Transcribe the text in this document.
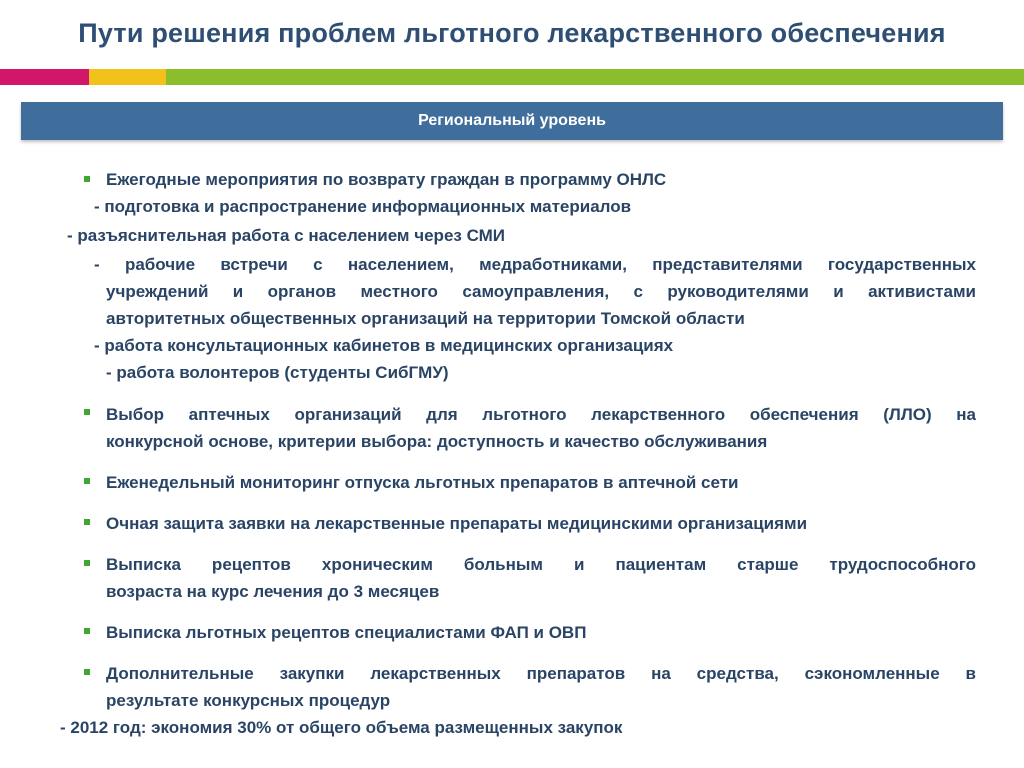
Пути решения проблем льготного лекарственного обеспечения
Региональный уровень
Ежегодные мероприятия по возврату граждан в программу ОНЛС
- подготовка и распространение информационных материалов
- разъяснительная работа с населением через СМИ
- рабочие встречи с населением, медработниками, представителями государственных
учреждений и органов местного самоуправления, с руководителями и активистами
авторитетных общественных организаций на территории Томской области
- работа консультационных кабинетов в медицинских организациях
- работа волонтеров (студенты СибГМУ)
Выбор аптечных организаций для льготного лекарственного обеспечения (ЛЛО) на
конкурсной основе, критерии выбора: доступность и качество обслуживания
Еженедельный мониторинг отпуска льготных препаратов в аптечной сети
Очная защита заявки на лекарственные препараты медицинскими организациями
Выписка рецептов хроническим больным и пациентам старше трудоспособного
возраста на курс лечения до 3 месяцев
Выписка льготных рецептов специалистами ФАП и ОВП
Дополнительные закупки лекарственных препаратов на средства, сэкономленные в
результате конкурсных процедур
- 2012 год: экономия 30% от общего объема размещенных закупок
